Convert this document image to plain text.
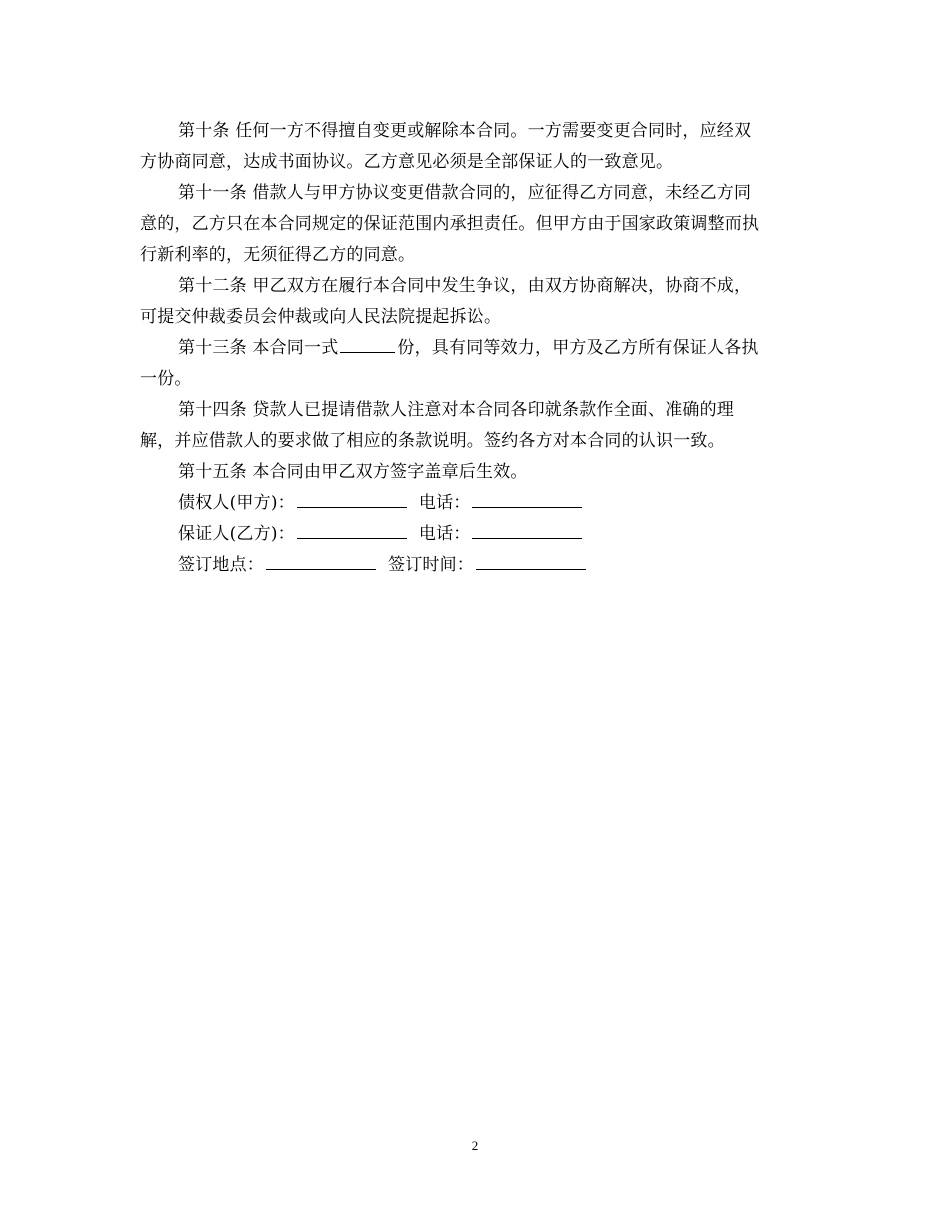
第十条 任何一方不得擅自变更或解除本合同。一方需要变更合同时，应经双
方协商同意，达成书面协议。乙方意见必须是全部保证人的一致意见。
第十一条 借款人与甲方协议变更借款合同的，应征得乙方同意，未经乙方同
意的，乙方只在本合同规定的保证范围内承担责任。但甲方由于国家政策调整而执
行新利率的，无须征得乙方的同意。
第十二条 甲乙双方在履行本合同中发生争议，由双方协商解决，协商不成，
可提交仲裁委员会仲裁或向人民法院提起拆讼。
第十三条 本合同一式	份，具有同等效力，甲方及乙方所有保证人各执
一份。
第十四条 贷款人已提请借款人注意对本合同各印就条款作全面、准确的理
解，并应借款人的要求做了相应的条款说明。签约各方对本合同的认识一致。
第十五条 本合同由甲乙双方签字盖章后生效。
债权人(甲方)：	电话：
保证人(乙方)：	电话：
签订地点：	签订时间：
2
